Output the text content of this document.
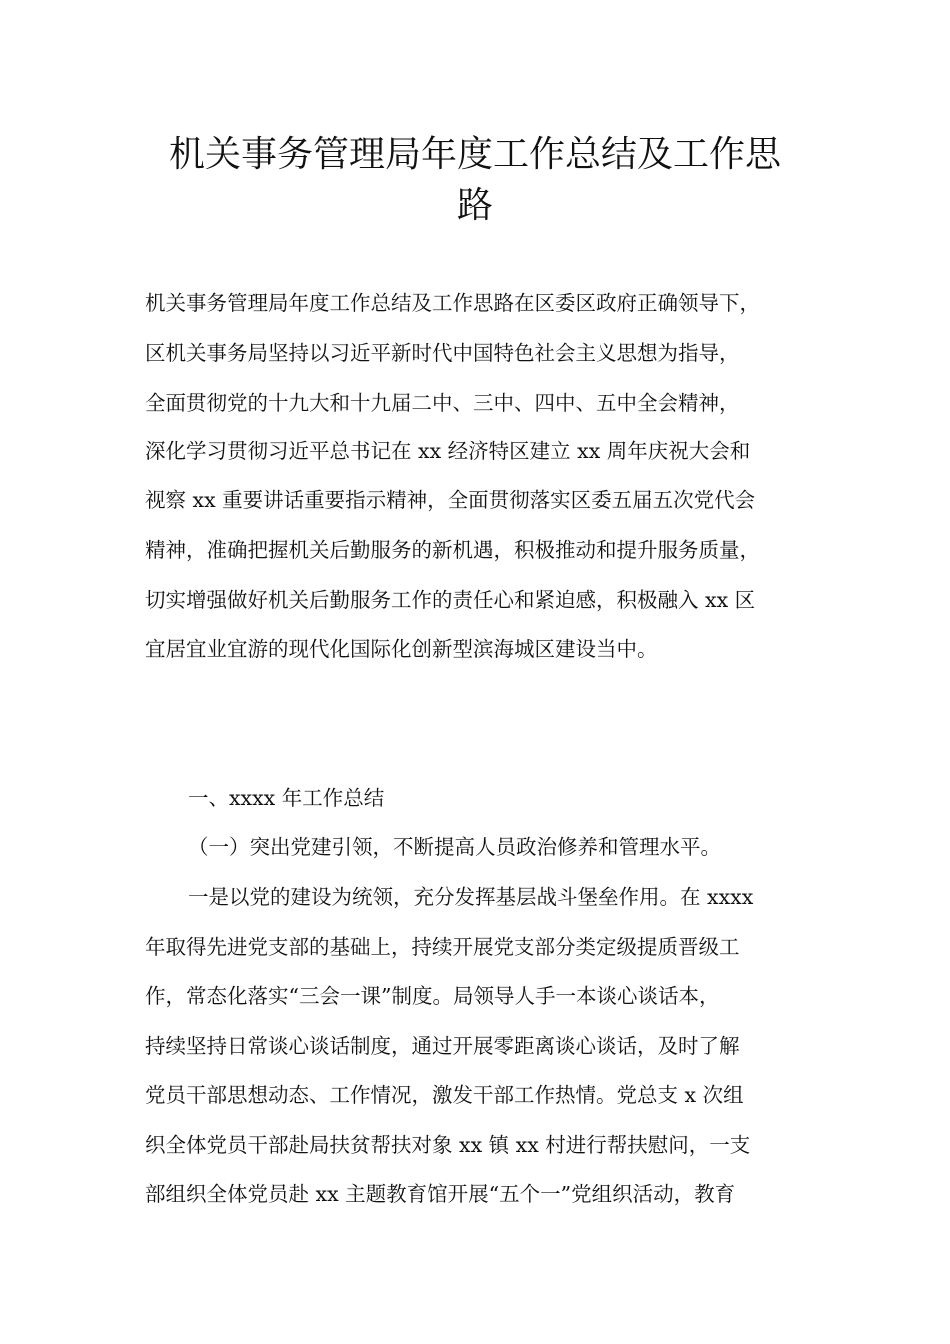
机关事务管理局年度工作总结及工作思
路

机关事务管理局年度工作总结及工作思路在区委区政府正确领导下，

区机关事务局坚持以习近平新时代中国特色社会主义思想为指导，

全面贯彻党的十九大和十九届二中、三中、四中、五中全会精神，

深化学习贯彻习近平总书记在 xx 经济特区建立 xx 周年庆祝大会和

视察 xx 重要讲话重要指示精神，全面贯彻落实区委五届五次党代会

精神，准确把握机关后勤服务的新机遇，积极推动和提升服务质量，

切实增强做好机关后勤服务工作的责任心和紧迫感，积极融入 xx 区

宜居宜业宜游的现代化国际化创新型滨海城区建设当中。

一、xxxx 年工作总结

（一）突出党建引领，不断提高人员政治修养和管理水平。

一是以党的建设为统领，充分发挥基层战斗堡垒作用。在 xxxx

年取得先进党支部的基础上，持续开展党支部分类定级提质晋级工

作，常态化落实“三会一课”制度。局领导人手一本谈心谈话本，

持续坚持日常谈心谈话制度，通过开展零距离谈心谈话，及时了解

党员干部思想动态、工作情况，激发干部工作热情。党总支 x 次组

织全体党员干部赴局扶贫帮扶对象 xx 镇 xx 村进行帮扶慰问，一支

部组织全体党员赴 xx 主题教育馆开展“五个一”党组织活动，教育
